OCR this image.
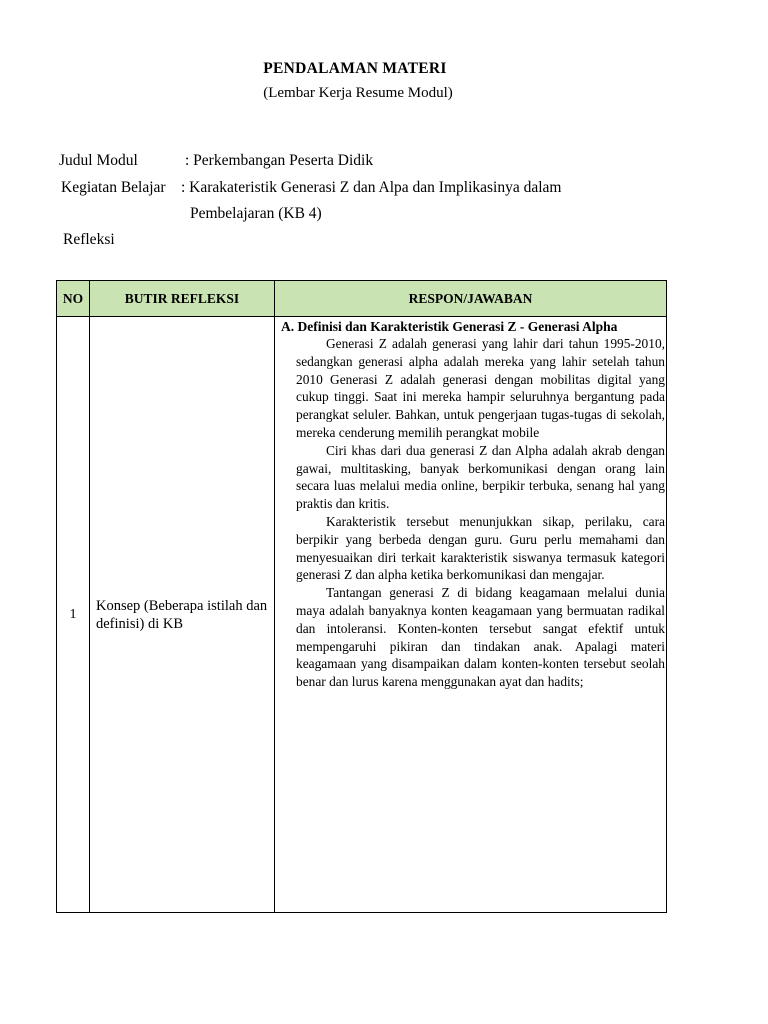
PENDALAMAN MATERI
(Lembar Kerja Resume Modul)
Judul Modul	: Perkembangan Peserta Didik
Kegiatan Belajar : Karakateristik Generasi Z dan Alpa dan Implikasinya dalam
Pembelajaran (KB 4)
Refleksi
NO	BUTIR REFLEKSI	RESPON/JAWABAN
1	Konsep (Beberapa istilah dan definisi) di KB	A. Definisi dan Karakteristik Generasi Z - Generasi Alpha

Generasi Z adalah generasi yang lahir dari tahun 1995-2010, sedangkan generasi alpha adalah mereka yang lahir setelah tahun 2010 Generasi Z adalah generasi dengan mobilitas digital yang cukup tinggi. Saat ini mereka hampir seluruhnya bergantung pada perangkat seluler. Bahkan, untuk pengerjaan tugas-tugas di sekolah, mereka cenderung memilih perangkat mobile

Ciri khas dari dua generasi Z dan Alpha adalah akrab dengan gawai, multitasking, banyak berkomunikasi dengan orang lain secara luas melalui media online, berpikir terbuka, senang hal yang praktis dan kritis.

Karakteristik tersebut menunjukkan sikap, perilaku, cara berpikir yang berbeda dengan guru. Guru perlu memahami dan menyesuaikan diri terkait karakteristik siswanya termasuk kategori generasi Z dan alpha ketika berkomunikasi dan mengajar.

Tantangan generasi Z di bidang keagamaan melalui dunia maya adalah banyaknya konten keagamaan yang bermuatan radikal dan intoleransi. Konten-konten tersebut sangat efektif untuk mempengaruhi pikiran dan tindakan anak. Apalagi materi keagamaan yang disampaikan dalam konten-konten tersebut seolah benar dan lurus karena menggunakan ayat dan hadits;
